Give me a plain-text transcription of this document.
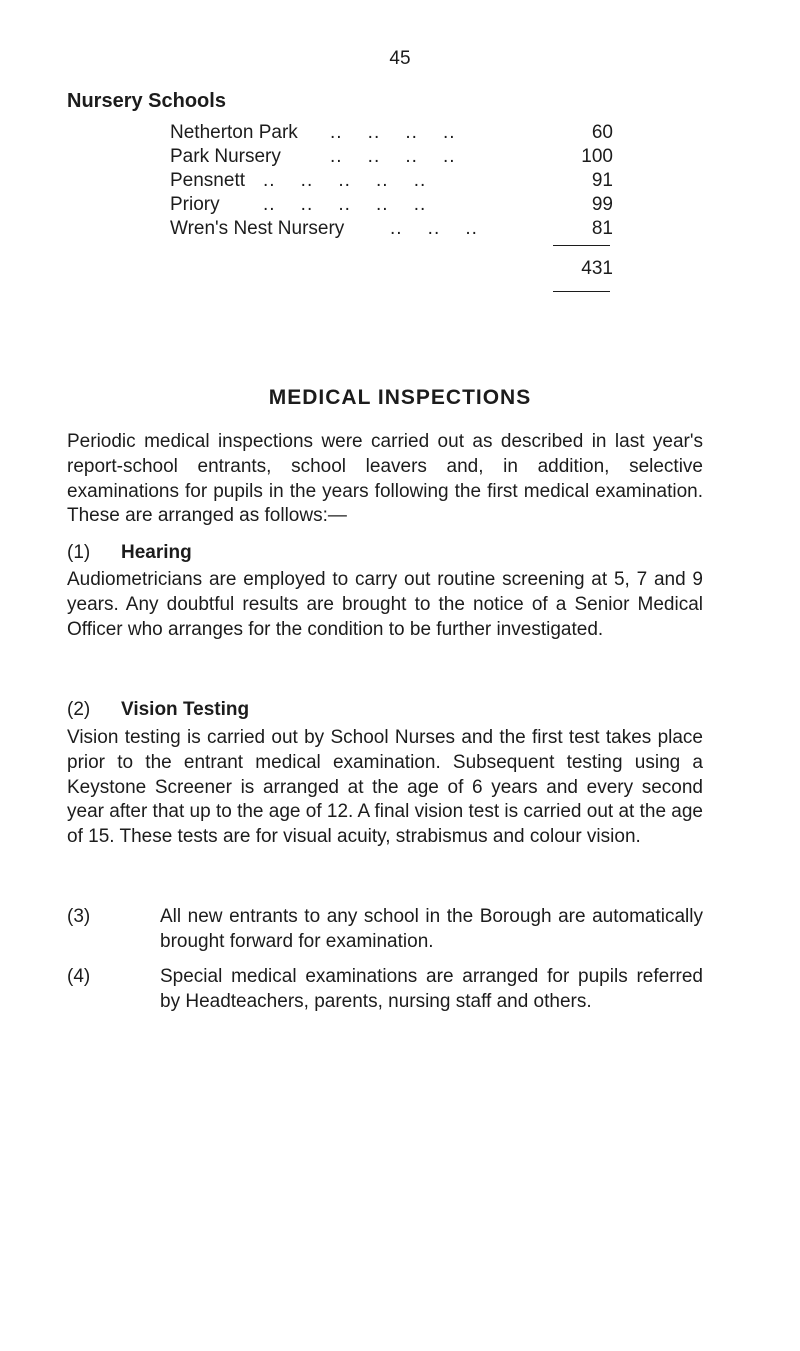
45
Nursery Schools
Netherton Park ..    ..    ..    ..	60
Park Nursery	..    ..    ..    ..	100
Pensnett ..    ..    ..    ..    ..	91
Priory ..    ..    ..    ..    ..	99
Wren's Nest Nursery ..    ..    ..	81
431
MEDICAL INSPECTIONS

Periodic medical inspections were carried out as described in last year's report-school entrants, school leavers and, in addition, selective examinations for pupils in the years following the first medical examination. These are arranged as follows:—

(1) Hearing

Audiometricians are employed to carry out routine screening at 5, 7 and 9 years. Any doubtful results are brought to the notice of a Senior Medical Officer who arranges for the condition to be further investigated.

(2) Vision Testing

Vision testing is carried out by School Nurses and the first test takes place prior to the entrant medical examination. Subsequent testing using a Keystone Screener is arranged at the age of 6 years and every second year after that up to the age of 12. A final vision test is carried out at the age of 15. These tests are for visual acuity, strabismus and colour vision.

(3)	All new entrants to any school in the Borough are automatically brought forward for examination.
(4)	Special medical examinations are arranged for pupils referred by Headteachers, parents, nursing staff and others.
